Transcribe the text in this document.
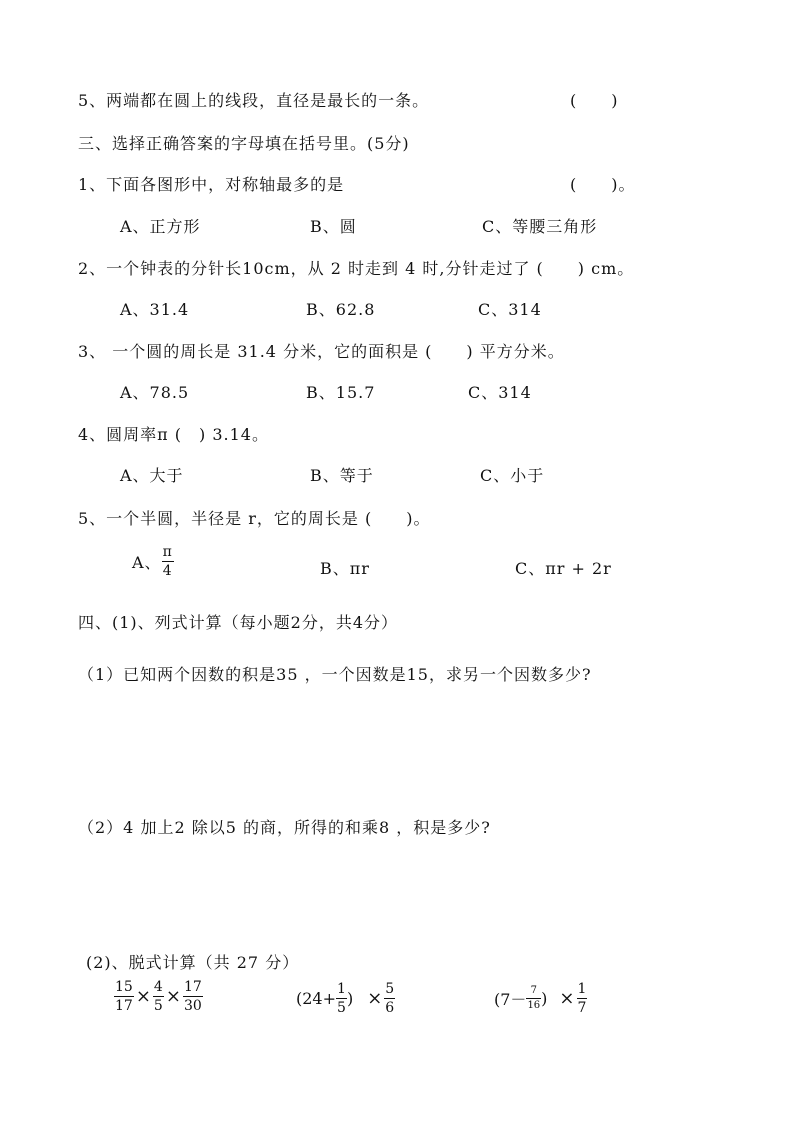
5、两端都在圆上的线段，直径是最长的一条。	(　　)
三、选择正确答案的字母填在括号里。(5分)
1、下面各图形中，对称轴最多的是	(　　)。
A、正方形	B、圆	C、等腰三角形
2、一个钟表的分针长10cm，从 2 时走到 4 时,分针走过了 (　　) cm。
A、31.4	B、62.8	C、314
3、 一个圆的周长是 31.4 分米，它的面积是 (　　) 平方分米。
A、78.5	B、15.7	C、314
4、圆周率π (　) 3.14。
A、大于	B、等于	C、小于
5、一个半圆，半径是 r，它的周长是 (　　)。
A、 $\frac{\pi}{4}$	B、πr	C、πr + 2r
四、(1)、列式计算（每小题2分，共4分）
（1）已知两个因数的积是35 ，一个因数是15，求另一个因数多少?
（2）4 加上2 除以5 的商，所得的和乘8 ，积是多少?
(2)、脱式计算（共 27 分）
$\frac{15}{17} \times \frac{4}{5} \times \frac{17}{30}$	($24+ \frac{1}{5}$ ) × $\frac{5}{6}$	($7- \frac{7}{16}$ ) × $\frac{1}{7}$
